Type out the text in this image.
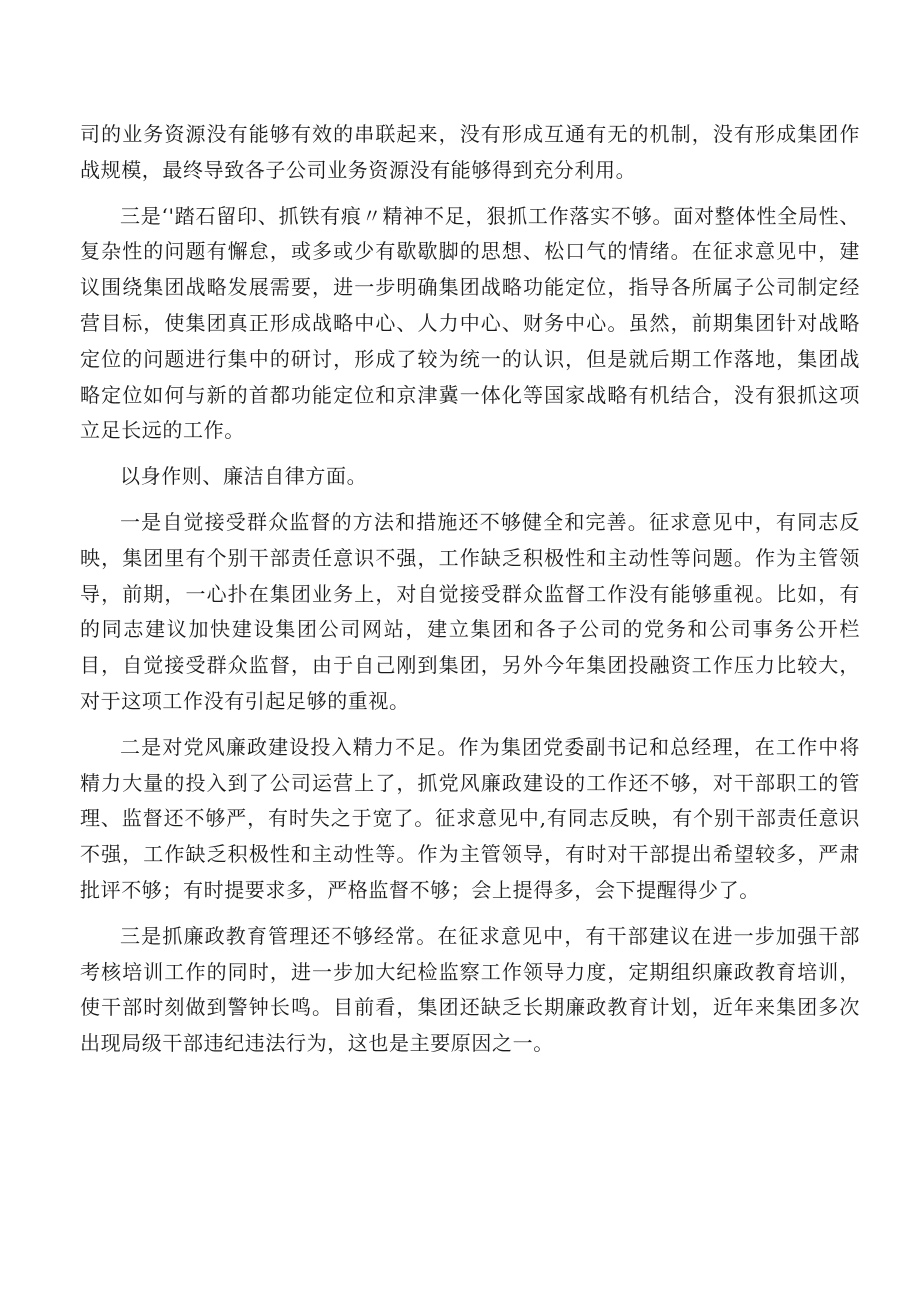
司的业务资源没有能够有效的串联起来，没有形成互通有无的机制，没有形成集团作战规模，最终导致各子公司业务资源没有能够得到充分利用。

三是‘'踏石留印、抓铁有痕〃精神不足，狠抓工作落实不够。面对整体性全局性、复杂性的问题有懈怠，或多或少有歇歇脚的思想、松口气的情绪。在征求意见中，建议围绕集团战略发展需要，进一步明确集团战略功能定位，指导各所属子公司制定经营目标，使集团真正形成战略中心、人力中心、财务中心。虽然，前期集团针对战略定位的问题进行集中的研讨，形成了较为统一的认识，但是就后期工作落地，集团战略定位如何与新的首都功能定位和京津冀一体化等国家战略有机结合，没有狠抓这项立足长远的工作。

以身作则、廉洁自律方面。

一是自觉接受群众监督的方法和措施还不够健全和完善。征求意见中，有同志反映，集团里有个别干部责任意识不强，工作缺乏积极性和主动性等问题。作为主管领导，前期，一心扑在集团业务上，对自觉接受群众监督工作没有能够重视。比如，有的同志建议加快建设集团公司网站，建立集团和各子公司的党务和公司事务公开栏目，自觉接受群众监督，由于自己刚到集团，另外今年集团投融资工作压力比较大，对于这项工作没有引起足够的重视。

二是对党风廉政建设投入精力不足。作为集团党委副书记和总经理，在工作中将精力大量的投入到了公司运营上了，抓党风廉政建设的工作还不够，对干部职工的管理、监督还不够严，有时失之于宽了。征求意见中,有同志反映，有个别干部责任意识不强，工作缺乏积极性和主动性等。作为主管领导，有时对干部提出希望较多，严肃批评不够；有时提要求多，严格监督不够；会上提得多，会下提醒得少了。

三是抓廉政教育管理还不够经常。在征求意见中，有干部建议在进一步加强干部考核培训工作的同时，进一步加大纪检监察工作领导力度，定期组织廉政教育培训，使干部时刻做到警钟长鸣。目前看，集团还缺乏长期廉政教育计划，近年来集团多次出现局级干部违纪违法行为，这也是主要原因之一。
